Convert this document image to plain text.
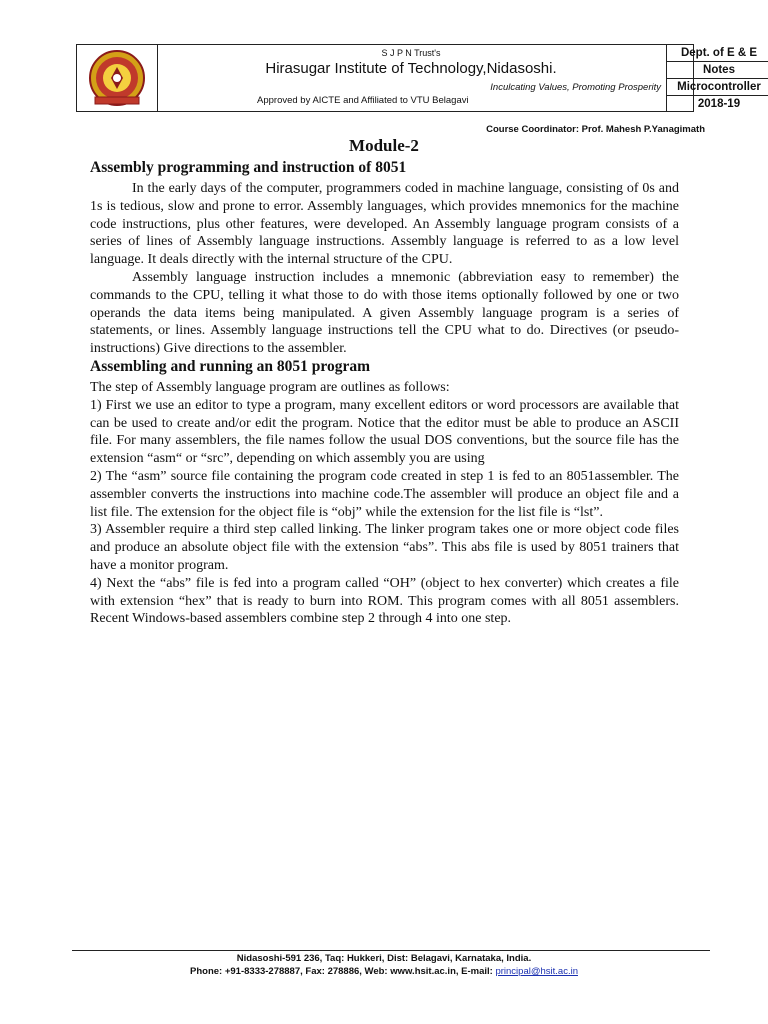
S J P N Trust's
Hirasugar Institute of Technology,Nidasoshi.
Inculcating Values, Promoting Prosperity
Approved by AICTE and Affiliated to VTU Belagavi
Dept. of E & E
Notes
Microcontroller
2018-19
Course Coordinator: Prof. Mahesh P.Yanagimath
Module-2
Assembly programming and instruction of 8051

In the early days of the computer, programmers coded in machine language, consisting of 0s and 1s is tedious, slow and prone to error. Assembly languages, which provides mnemonics for the machine code instructions, plus other features, were developed. An Assembly language program consists of a series of lines of Assembly language instructions. Assembly language is referred to as a low level language. It deals directly with the internal structure of the CPU.

Assembly language instruction includes a mnemonic (abbreviation easy to remember) the commands to the CPU, telling it what those to do with those items optionally followed by one or two operands the data items being manipulated. A given Assembly language program is a series of statements, or lines. Assembly language instructions tell the CPU what to do. Directives (or pseudo-instructions) Give directions to the assembler.

Assembling and running an 8051 program

The step of Assembly language program are outlines as follows:

1) First we use an editor to type a program, many excellent editors or word processors are available that can be used to create and/or edit the program. Notice that the editor must be able to produce an ASCII file. For many assemblers, the file names follow the usual DOS conventions, but the source file has the extension “asm“ or “src”, depending on which assembly you are using

2) The “asm” source file containing the program code created in step 1 is fed to an 8051assembler. The assembler converts the instructions into machine code.The assembler will produce an object file and a list file. The extension for the object file is “obj” while the extension for the list file is “lst”.

3) Assembler require a third step called linking. The linker program takes one or more object code files and produce an absolute object file with the extension “abs”. This abs file is used by 8051 trainers that have a monitor program.

4) Next the “abs” file is fed into a program called “OH” (object to hex converter) which creates a file with extension “hex” that is ready to burn into ROM. This program comes with all 8051 assemblers. Recent Windows-based assemblers combine step 2 through 4 into one step.

Nidasoshi-591 236, Taq: Hukkeri, Dist: Belagavi, Karnataka, India.
Phone: +91-8333-278887, Fax: 278886, Web: www.hsit.ac.in, E-mail: principal@hsit.ac.in
